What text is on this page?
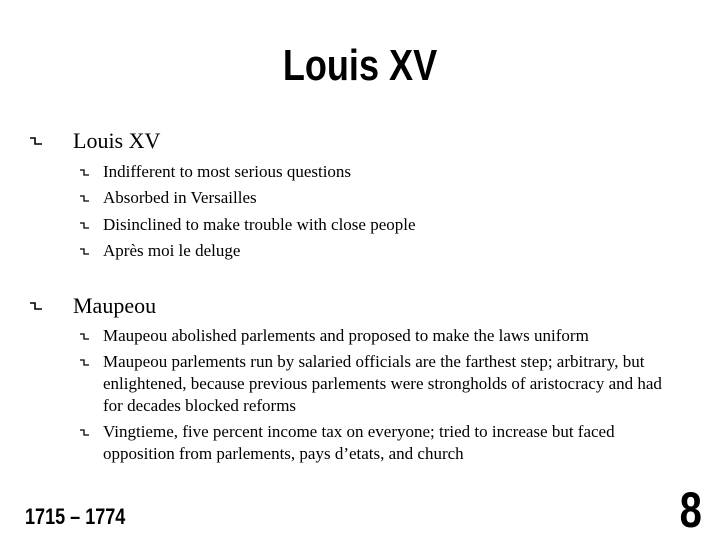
Louis XV
Louis XV
Indifferent to most serious questions
Absorbed in Versailles
Disinclined to make trouble with close people
Après moi le deluge
Maupeou
Maupeou abolished parlements and proposed to make the laws uniform
Maupeou parlements run by salaried officials are the farthest step; arbitrary, but enlightened, because previous parlements were strongholds of aristocracy and had for decades blocked reforms
Vingtieme, five percent income tax on everyone; tried to increase but faced opposition from parlements, pays d’etats, and church
1715 – 1774	8
